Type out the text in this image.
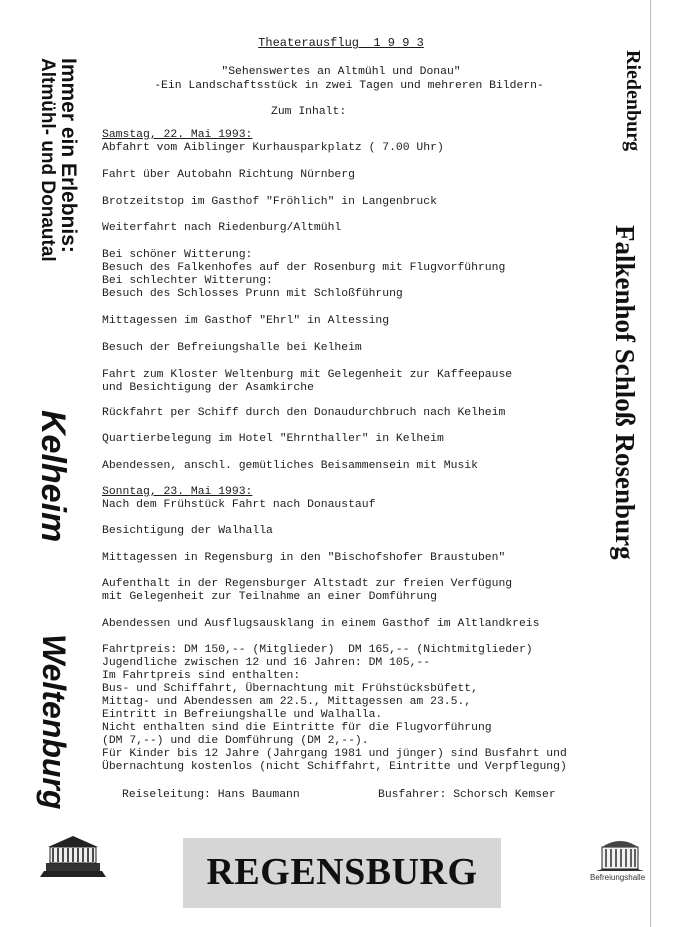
Theaterausflug  1 9 9 3
"Sehenswertes an Altmühl und Donau"
-Ein Landschaftsstück in zwei Tagen und mehreren Bildern-
Zum Inhalt:
Samstag, 22. Mai 1993:
Abfahrt vom Aiblinger Kurhausparkplatz ( 7.00 Uhr)
Fahrt über Autobahn Richtung Nürnberg
Brotzeitstop im Gasthof "Fröhlich" in Langenbruck
Weiterfahrt nach Riedenburg/Altmühl
Bei schöner Witterung:
Besuch des Falkenhofes auf der Rosenburg mit Flugvorführung
Bei schlechter Witterung:
Besuch des Schlosses Prunn mit Schloßführung
Mittagessen im Gasthof "Ehrl" in Altessing
Besuch der Befreiungshalle bei Kelheim
Fahrt zum Kloster Weltenburg mit Gelegenheit zur Kaffeepause
und Besichtigung der Asamkirche
Rückfahrt per Schiff durch den Donaudurchbruch nach Kelheim
Quartierbelegung im Hotel "Ehrnthaller" in Kelheim
Abendessen, anschl. gemütliches Beisammensein mit Musik
Sonntag, 23. Mai 1993:
Nach dem Frühstück Fahrt nach Donaustauf
Besichtigung der Walhalla
Mittagessen in Regensburg in den "Bischofshofer Braustuben"
Aufenthalt in der Regensburger Altstadt zur freien Verfügung
mit Gelegenheit zur Teilnahme an einer Domführung
Abendessen und Ausflugsausklang in einem Gasthof im Altlandkreis
Fahrtpreis: DM 150,-- (Mitglieder)  DM 165,-- (Nichtmitglieder)
Jugendliche zwischen 12 und 16 Jahren: DM 105,--
Im Fahrtpreis sind enthalten:
Bus- und Schiffahrt, Übernachtung mit Frühstücksbüfett,
Mittag- und Abendessen am 22.5., Mittagessen am 23.5.,
Eintritt in Befreiungshalle und Walhalla.
Nicht enthalten sind die Eintritte für die Flugvorführung
(DM 7,--) und die Domführung (DM 2,--).
Für Kinder bis 12 Jahre (Jahrgang 1981 und jünger) sind Busfahrt und
Übernachtung kostenlos (nicht Schiffahrt, Eintritte und Verpflegung)
Reiseleitung: Hans Baumann	Busfahrer: Schorsch Kemser
Immer ein Erlebnis:
Altmühl- und Donautal
Kelheim
Weltenburg
Riedenburg
Falkenhof Schloß Rosenburg
Befreiungshalle
REGENSBURG
